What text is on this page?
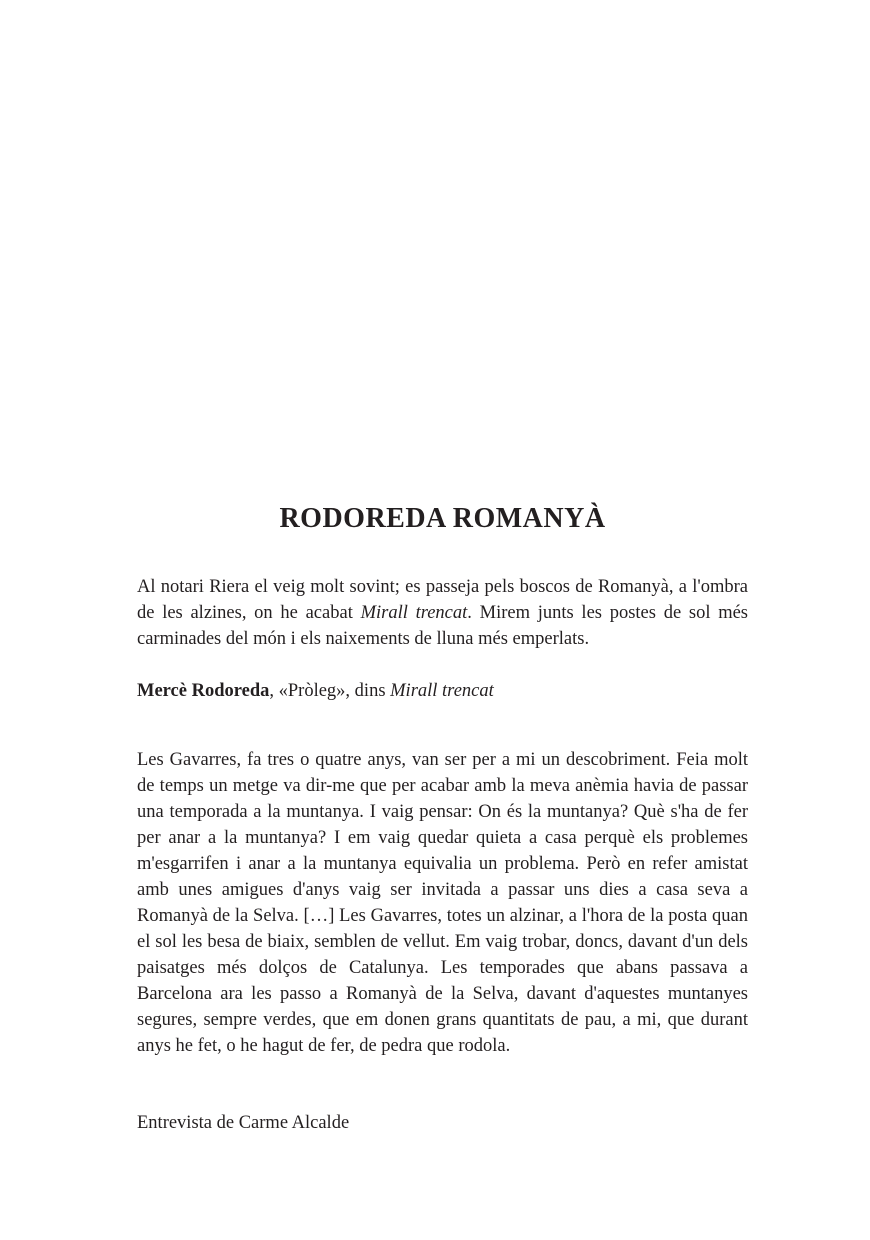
RODOREDA ROMANYÀ

Al notari Riera el veig molt sovint; es passeja pels boscos de Romanyà, a l'ombra de les alzines, on he acabat Mirall trencat. Mirem junts les postes de sol més carminades del món i els naixements de lluna més emperlats.

Mercè Rodoreda, «Pròleg», dins Mirall trencat

Les Gavarres, fa tres o quatre anys, van ser per a mi un descobriment. Feia molt de temps un metge va dir-me que per acabar amb la meva anèmia havia de passar una temporada a la muntanya. I vaig pensar: On és la muntanya? Què s'ha de fer per anar a la muntanya? I em vaig quedar quieta a casa perquè els problemes m'esgarrifen i anar a la muntanya equivalia un problema. Però en refer amistat amb unes amigues d'anys vaig ser invitada a passar uns dies a casa seva a Romanyà de la Selva. […] Les Gavarres, totes un alzinar, a l'hora de la posta quan el sol les besa de biaix, semblen de vellut. Em vaig trobar, doncs, davant d'un dels paisatges més dolços de Catalunya. Les temporades que abans passava a Barcelona ara les passo a Romanyà de la Selva, davant d'aquestes muntanyes segures, sempre verdes, que em donen grans quantitats de pau, a mi, que durant anys he fet, o he hagut de fer, de pedra que rodola.

Entrevista de Carme Alcalde
